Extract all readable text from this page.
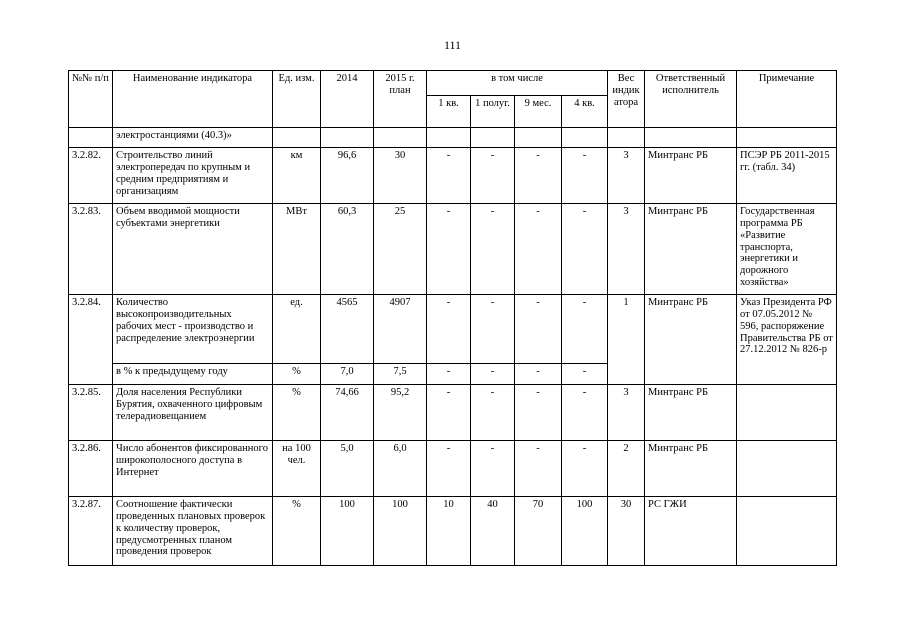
111
№№ п/п	Наименование индикатора	Ед. изм.	2014	2015 г. план	в том числе				Вес индик атора	Ответственный исполнитель	Примечание
					1 кв.	1 полуг.	9 мес.	4 кв.			
	электростанциями (40.3)»										
3.2.82.	Строительство линий электропередач по крупным и средним предприятиям и организациям	км	96,6	30	-	-	-	-	3	Минтранс РБ	ПСЭР РБ 2011-2015 гг. (табл. 34)
3.2.83.	Объем вводимой мощности субъектами энергетики	МВт	60,3	25	-	-	-	-	3	Минтранс РБ	Государственная программа РБ «Развитие транспорта, энергетики и дорожного хозяйства»
3.2.84.	Количество высокопроизводительных рабочих мест - производство и распределение электроэнергии	ед.	4565	4907	-	-	-	-	1	Минтранс РБ	Указ Президента РФ от 07.05.2012 № 596, распоряжение Правительства РБ от 27.12.2012 № 826-р
	в % к предыдущему году	%	7,0	7,5	-	-	-	-			
3.2.85.	Доля населения Республики Бурятия, охваченного цифровым телерадиовещанием	%	74,66	95,2	-	-	-	-	3	Минтранс РБ	
3.2.86.	Число абонентов фиксированного широкополосного доступа в Интернет	на 100 чел.	5,0	6,0	-	-	-	-	2	Минтранс РБ	
3.2.87.	Соотношение фактически проведенных плановых проверок к количеству проверок, предусмотренных планом проведения проверок	%	100	100	10	40	70	100	30	РС ГЖИ	
